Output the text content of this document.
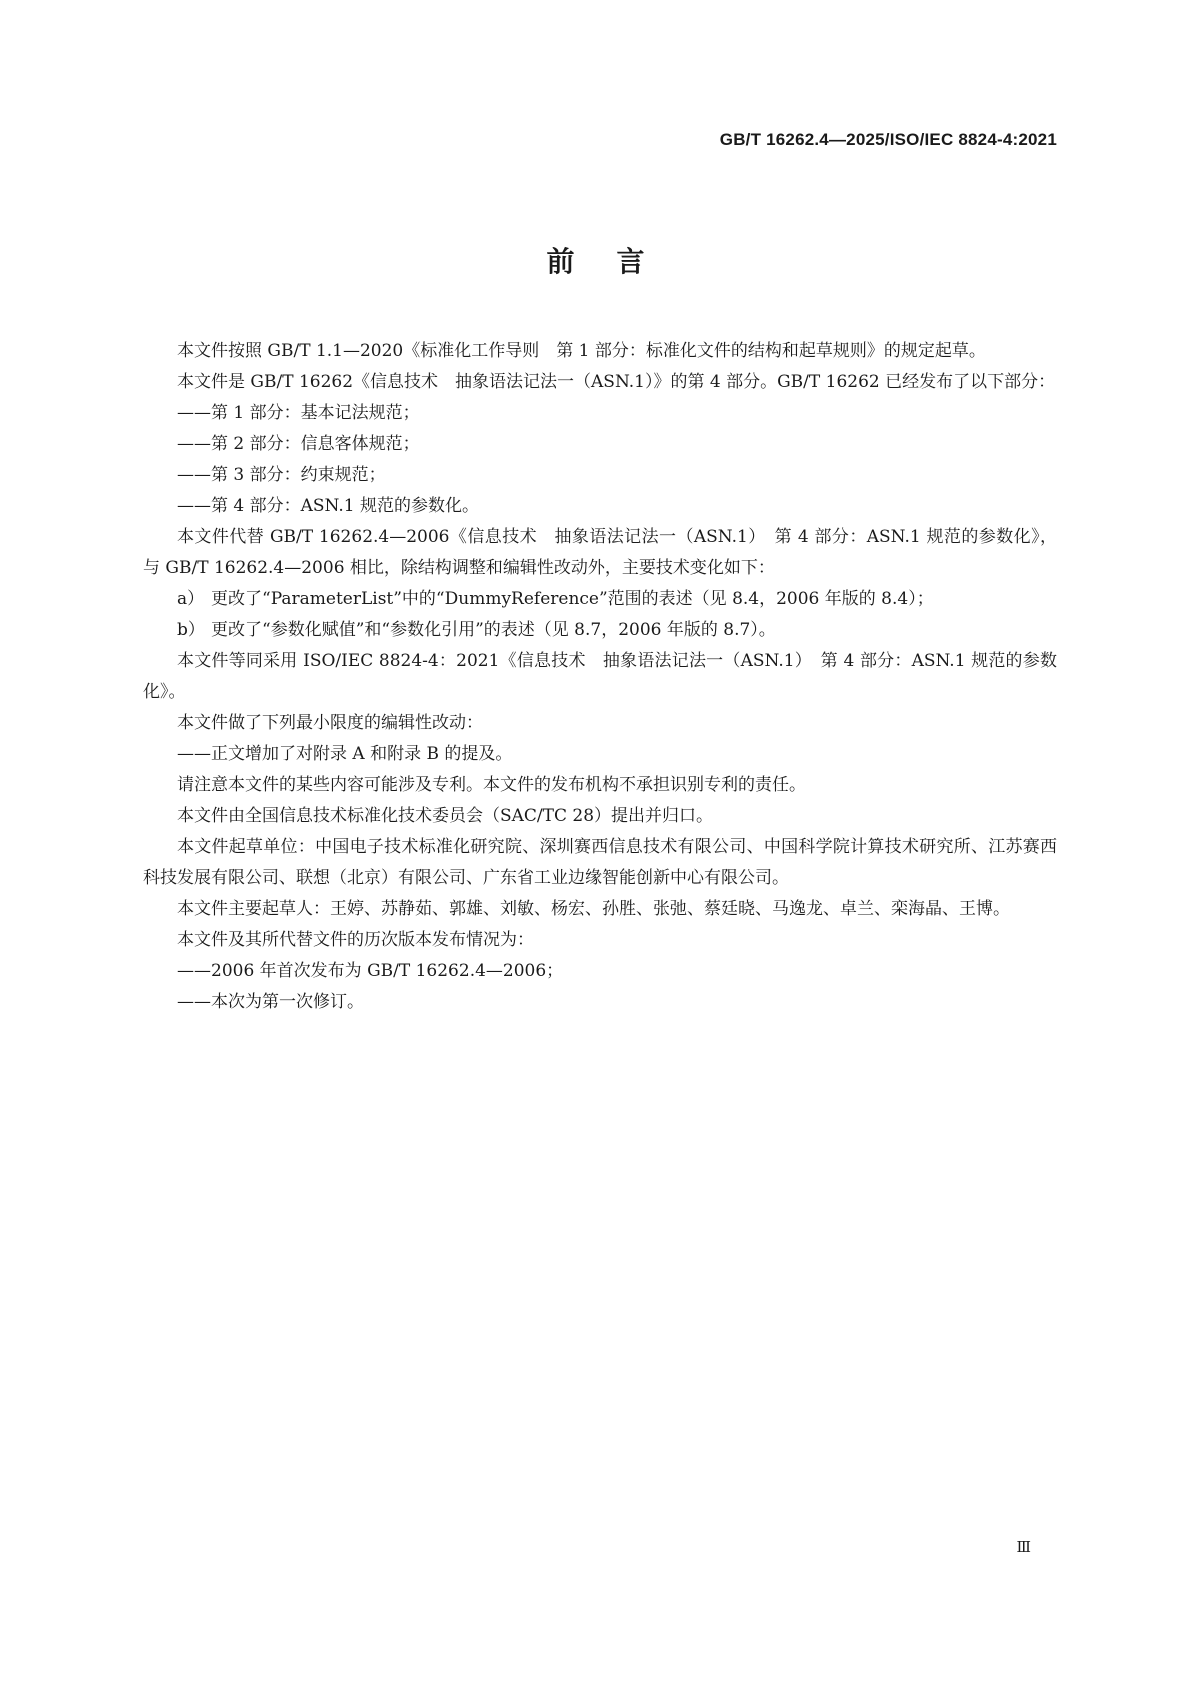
GB/T 16262.4—2025/ISO/IEC 8824-4:2021
前言

本文件按照 GB/T 1.1—2020《标准化工作导则　第 1 部分：标准化文件的结构和起草规则》的规定起草。

本文件是 GB/T 16262《信息技术　抽象语法记法一（ASN.1）》的第 4 部分。GB/T 16262 已经发布了以下部分：

——第 1 部分：基本记法规范；

——第 2 部分：信息客体规范；

——第 3 部分：约束规范；

——第 4 部分：ASN.1 规范的参数化。

本文件代替 GB/T 16262.4—2006《信息技术　抽象语法记法一（ASN.1）　第 4 部分：ASN.1 规范的参数化》，与 GB/T 16262.4—2006 相比，除结构调整和编辑性改动外，主要技术变化如下：

a） 更改了“ParameterList”中的“DummyReference”范围的表述（见 8.4，2006 年版的 8.4）；

b） 更改了“参数化赋值”和“参数化引用”的表述（见 8.7，2006 年版的 8.7）。

本文件等同采用 ISO/IEC 8824-4：2021《信息技术　抽象语法记法一（ASN.1）　第 4 部分：ASN.1 规范的参数化》。

本文件做了下列最小限度的编辑性改动：

——正文增加了对附录 A 和附录 B 的提及。

请注意本文件的某些内容可能涉及专利。本文件的发布机构不承担识别专利的责任。

本文件由全国信息技术标准化技术委员会（SAC/TC 28）提出并归口。

本文件起草单位：中国电子技术标准化研究院、深圳赛西信息技术有限公司、中国科学院计算技术研究所、江苏赛西科技发展有限公司、联想（北京）有限公司、广东省工业边缘智能创新中心有限公司。

本文件主要起草人：王婷、苏静茹、郭雄、刘敏、杨宏、孙胜、张弛、蔡廷晓、马逸龙、卓兰、栾海晶、王博。

本文件及其所代替文件的历次版本发布情况为：

——2006 年首次发布为 GB/T 16262.4—2006；

——本次为第一次修订。

Ⅲ
